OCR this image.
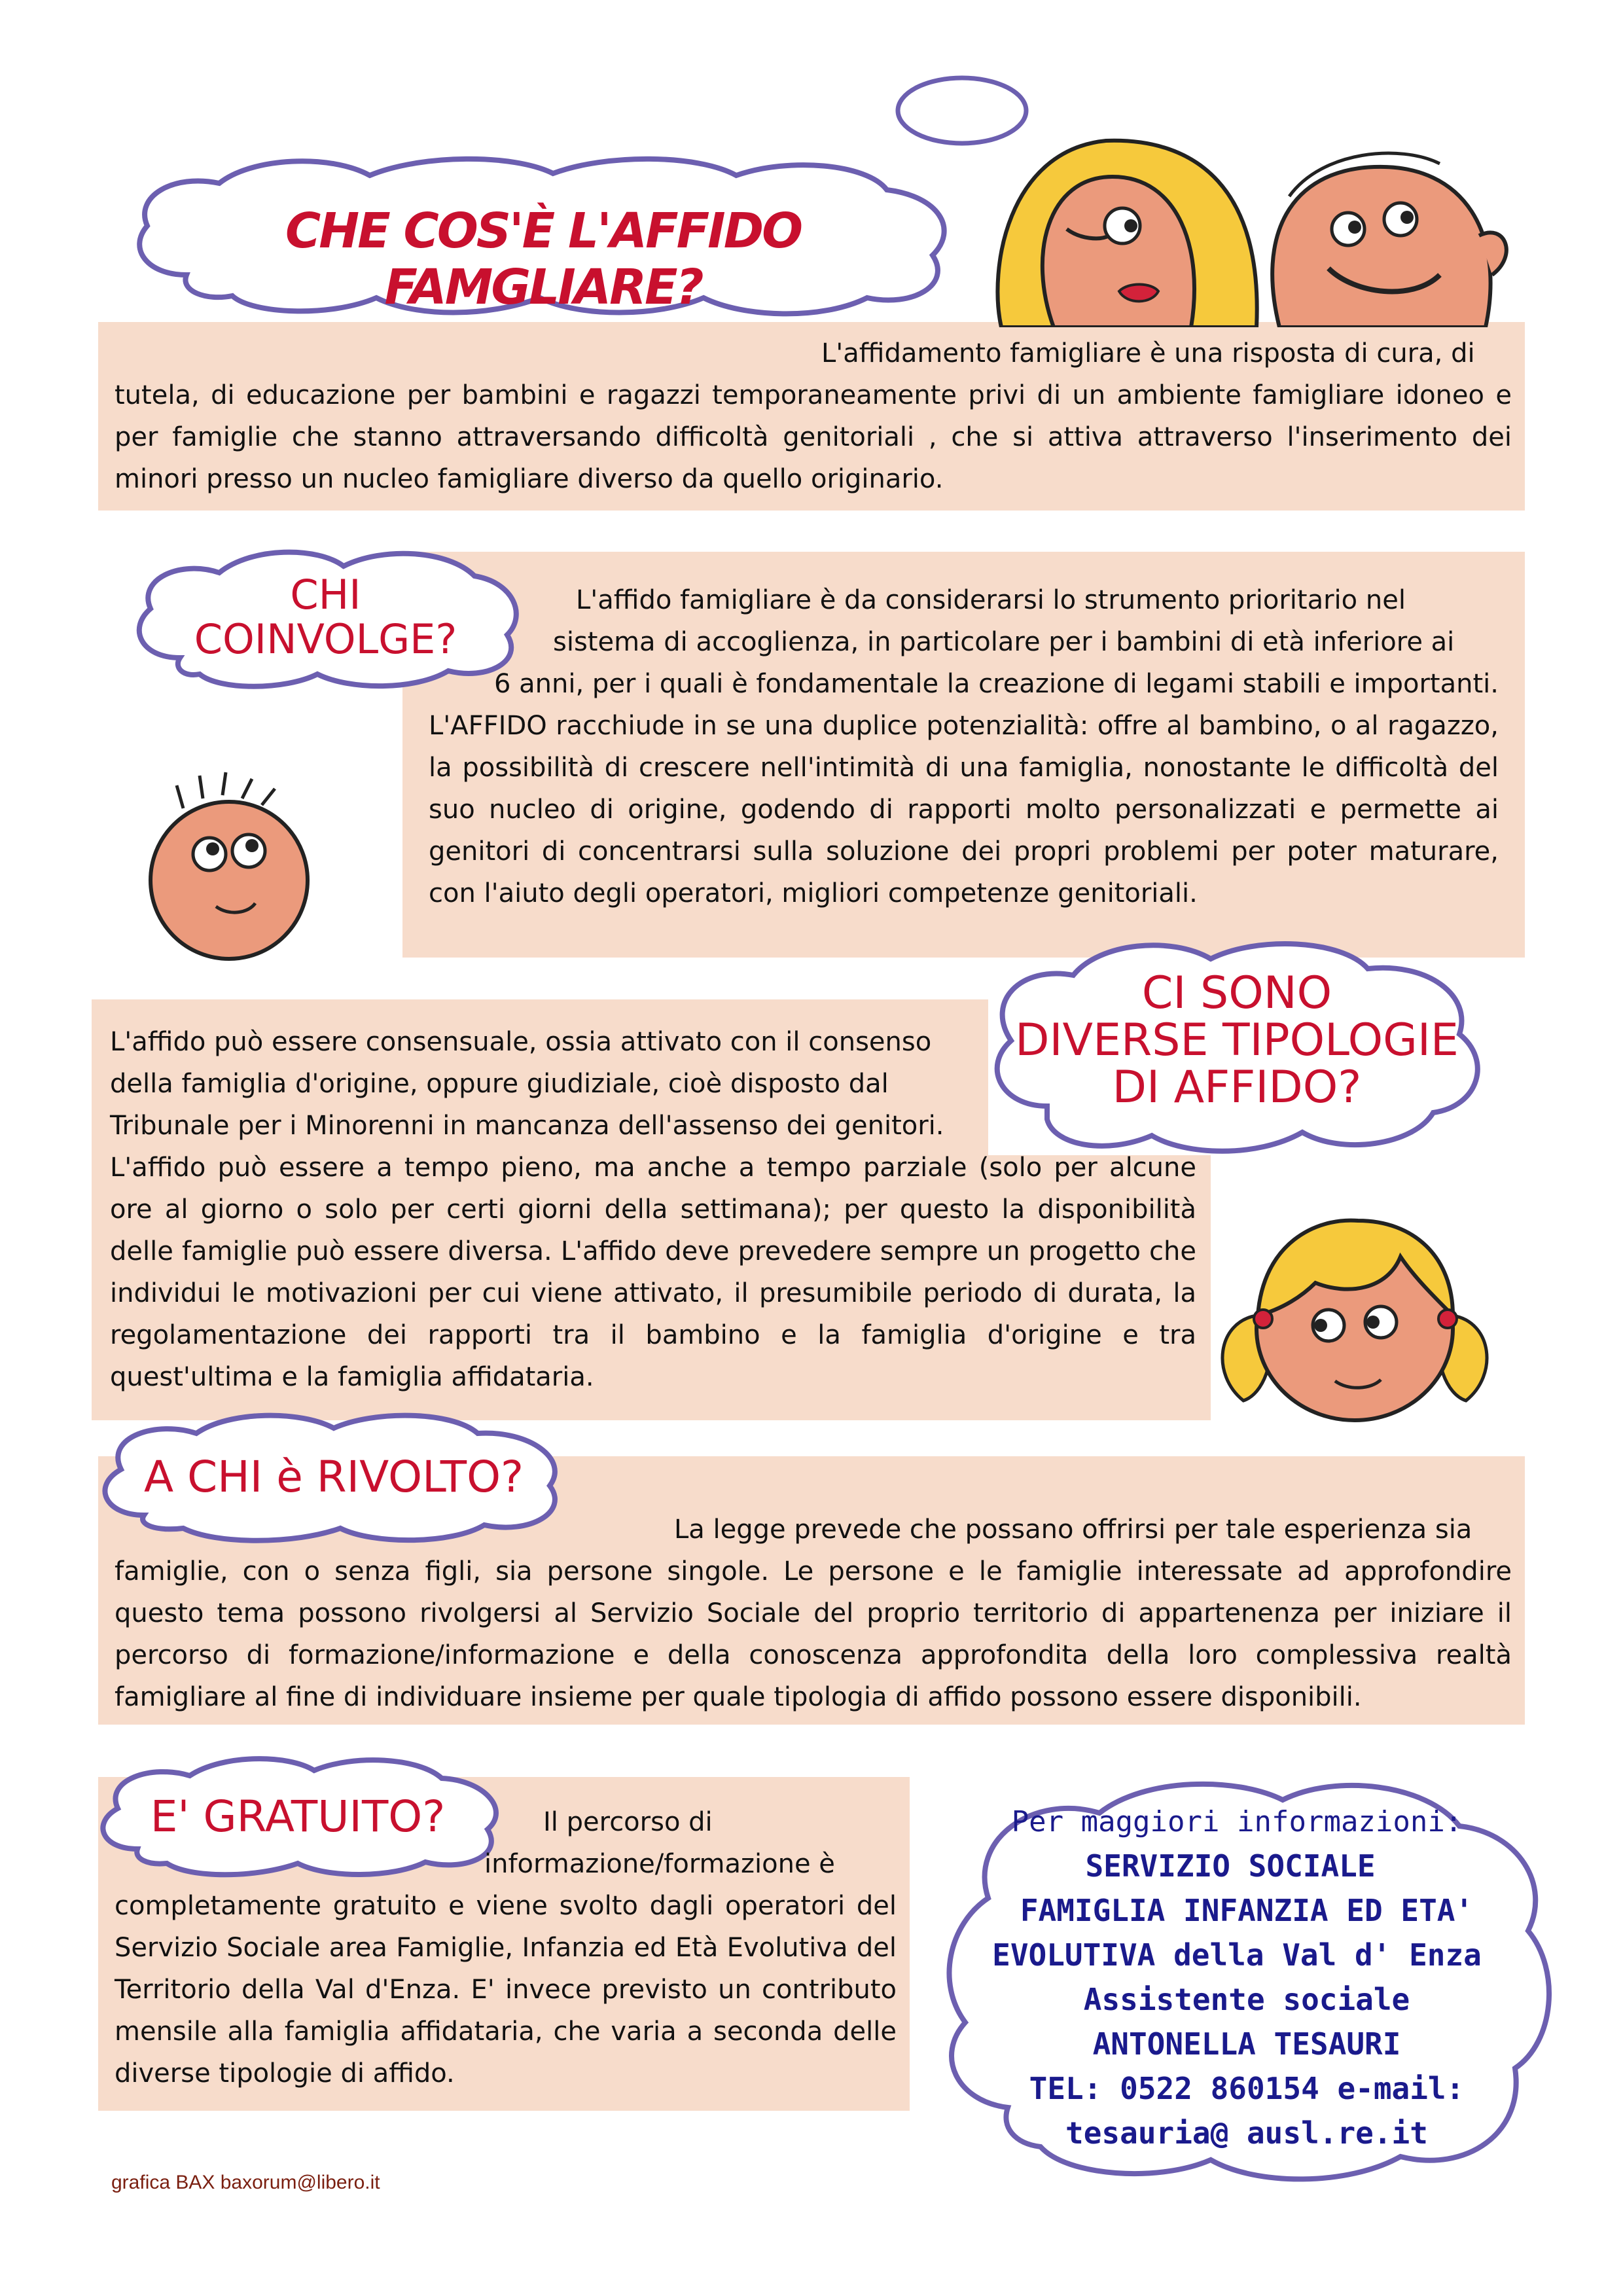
CHE COS'È L'AFFIDO FAMGLIARE?
L'affidamento famigliare è una risposta di cura, di
tutela, di educazione per bambini e ragazzi temporaneamente privi di un ambiente famigliare idoneo e per famiglie che stanno attraversando difficoltà genitoriali , che si attiva attraverso l'inserimento dei minori presso un nucleo famigliare diverso da quello originario.
CHI
COINVOLGE?
L'affido famigliare è da considerarsi lo strumento prioritario nel
sistema di accoglienza, in particolare per i bambini di età inferiore ai
6 anni, per i quali è fondamentale la creazione di legami stabili e importanti.
L'AFFIDO racchiude in se una duplice potenzialità: offre al bambino, o al ragazzo, la possibilità di crescere nell'intimità di una famiglia, nonostante le difficoltà del suo nucleo di origine, godendo di rapporti molto personalizzati e permette ai genitori di concentrarsi sulla soluzione dei propri problemi per poter maturare, con l'aiuto degli operatori, migliori competenze genitoriali.
CI SONO
DIVERSE TIPOLOGIE
DI AFFIDO?
L'affido può essere consensuale, ossia attivato con il consenso della famiglia d'origine, oppure giudiziale, cioè disposto dal Tribunale per i Minorenni in mancanza dell'assenso dei genitori.
L'affido può essere a tempo pieno, ma anche a tempo parziale (solo per alcune ore al giorno o solo per certi giorni della settimana); per questo la disponibilità delle famiglie può essere diversa. L'affido deve prevedere sempre un progetto che individui le motivazioni per cui viene attivato, il presumibile periodo di durata, la regolamentazione dei rapporti tra il bambino e la famiglia d'origine e tra quest'ultima e la famiglia affidataria.
A CHI è RIVOLTO?
La legge prevede che possano offrirsi per tale esperienza sia
famiglie, con o senza figli, sia persone singole. Le persone e le famiglie interessate ad approfondire questo tema possono rivolgersi al Servizio Sociale del proprio territorio di appartenenza per iniziare il percorso di formazione/informazione e della conoscenza approfondita della loro complessiva realtà famigliare al fine di individuare insieme per quale tipologia di affido possono essere disponibili.
E' GRATUITO?	Il percorso di
informazione/formazione è
completamente gratuito e viene svolto dagli operatori del Servizio Sociale area Famiglie, Infanzia ed Età Evolutiva del Territorio della Val d'Enza. E' invece previsto un contributo mensile alla famiglia affidataria, che varia a seconda delle diverse tipologie di affido.
Per maggiori informazioni:
SERVIZIO SOCIALE
FAMIGLIA INFANZIA ED ETA'
EVOLUTIVA della Val d' Enza
Assistente sociale
ANTONELLA TESAURI
TEL: 0522 860154 e-mail:
tesauria@ ausl.re.it
grafica BAX baxorum@libero.it
